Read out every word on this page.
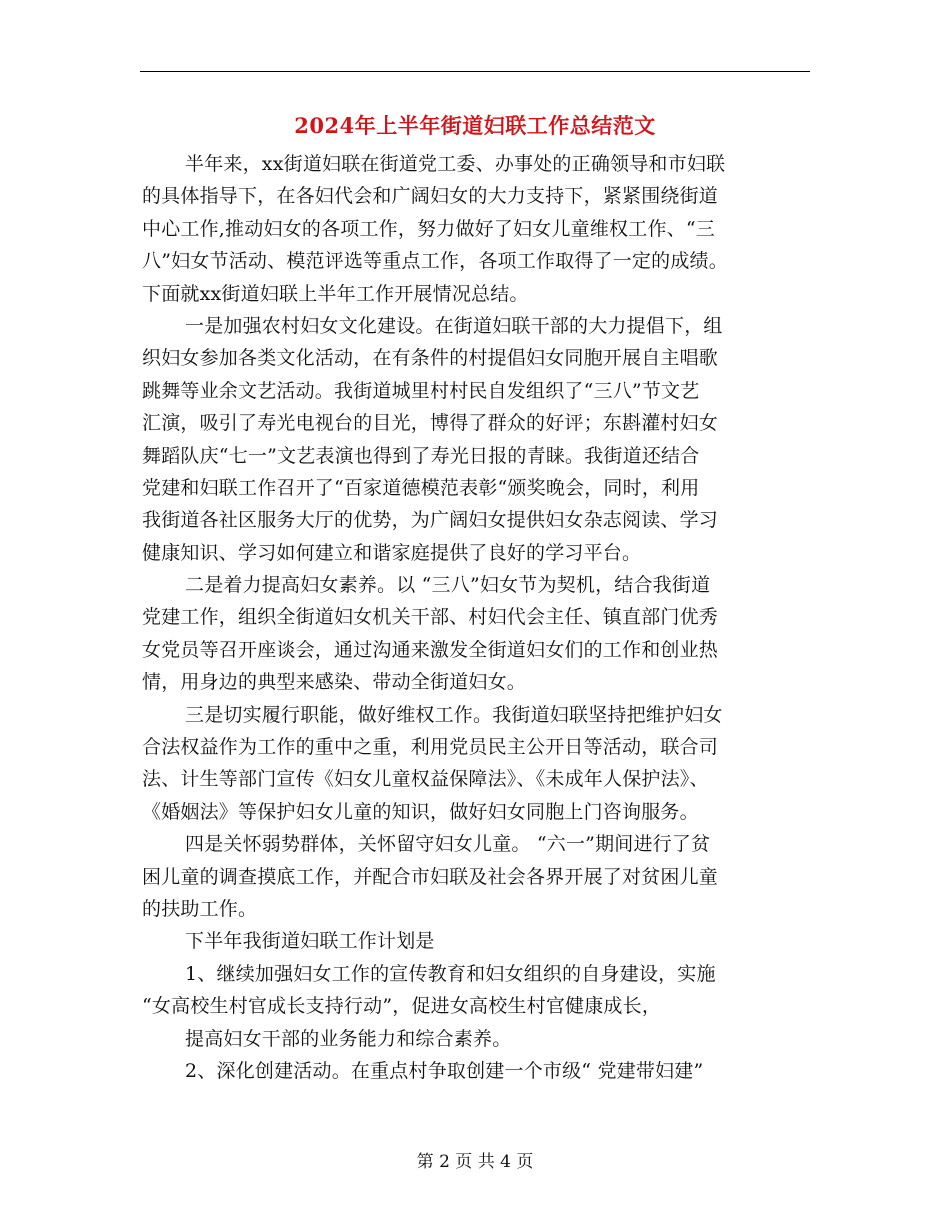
2024年上半年街道妇联工作总结范文
半年来，xx街道妇联在街道党工委、办事处的正确领导和市妇联
的具体指导下，在各妇代会和广阔妇女的大力支持下，紧紧围绕街道
中心工作,推动妇女的各项工作，努力做好了妇女儿童维权工作、“三
八”妇女节活动、模范评选等重点工作，各项工作取得了一定的成绩。
下面就xx街道妇联上半年工作开展情况总结。
一是加强农村妇女文化建设。在街道妇联干部的大力提倡下，组
织妇女参加各类文化活动，在有条件的村提倡妇女同胞开展自主唱歌
跳舞等业余文艺活动。我街道城里村村民自发组织了“三八”节文艺
汇演，吸引了寿光电视台的目光，博得了群众的好评；东斟灌村妇女
舞蹈队庆“七一”文艺表演也得到了寿光日报的青睐。我街道还结合
党建和妇联工作召开了“百家道德模范表彰“颁奖晚会，同时，利用
我街道各社区服务大厅的优势，为广阔妇女提供妇女杂志阅读、学习
健康知识、学习如何建立和谐家庭提供了良好的学习平台。
二是着力提高妇女素养。以 “三八”妇女节为契机，结合我街道
党建工作，组织全街道妇女机关干部、村妇代会主任、镇直部门优秀
女党员等召开座谈会，通过沟通来激发全街道妇女们的工作和创业热
情，用身边的典型来感染、带动全街道妇女。
三是切实履行职能，做好维权工作。我街道妇联坚持把维护妇女
合法权益作为工作的重中之重，利用党员民主公开日等活动，联合司
法、计生等部门宣传《妇女儿童权益保障法》、《未成年人保护法》、
《婚姻法》等保护妇女儿童的知识，做好妇女同胞上门咨询服务。
四是关怀弱势群体，关怀留守妇女儿童。 “六一”期间进行了贫
困儿童的调查摸底工作，并配合市妇联及社会各界开展了对贫困儿童
的扶助工作。
下半年我街道妇联工作计划是
1、继续加强妇女工作的宣传教育和妇女组织的自身建设，实施
“女高校生村官成长支持行动”，促进女高校生村官健康成长，
提高妇女干部的业务能力和综合素养。
2、深化创建活动。在重点村争取创建一个市级“ 党建带妇建”
第 2 页 共 4 页
